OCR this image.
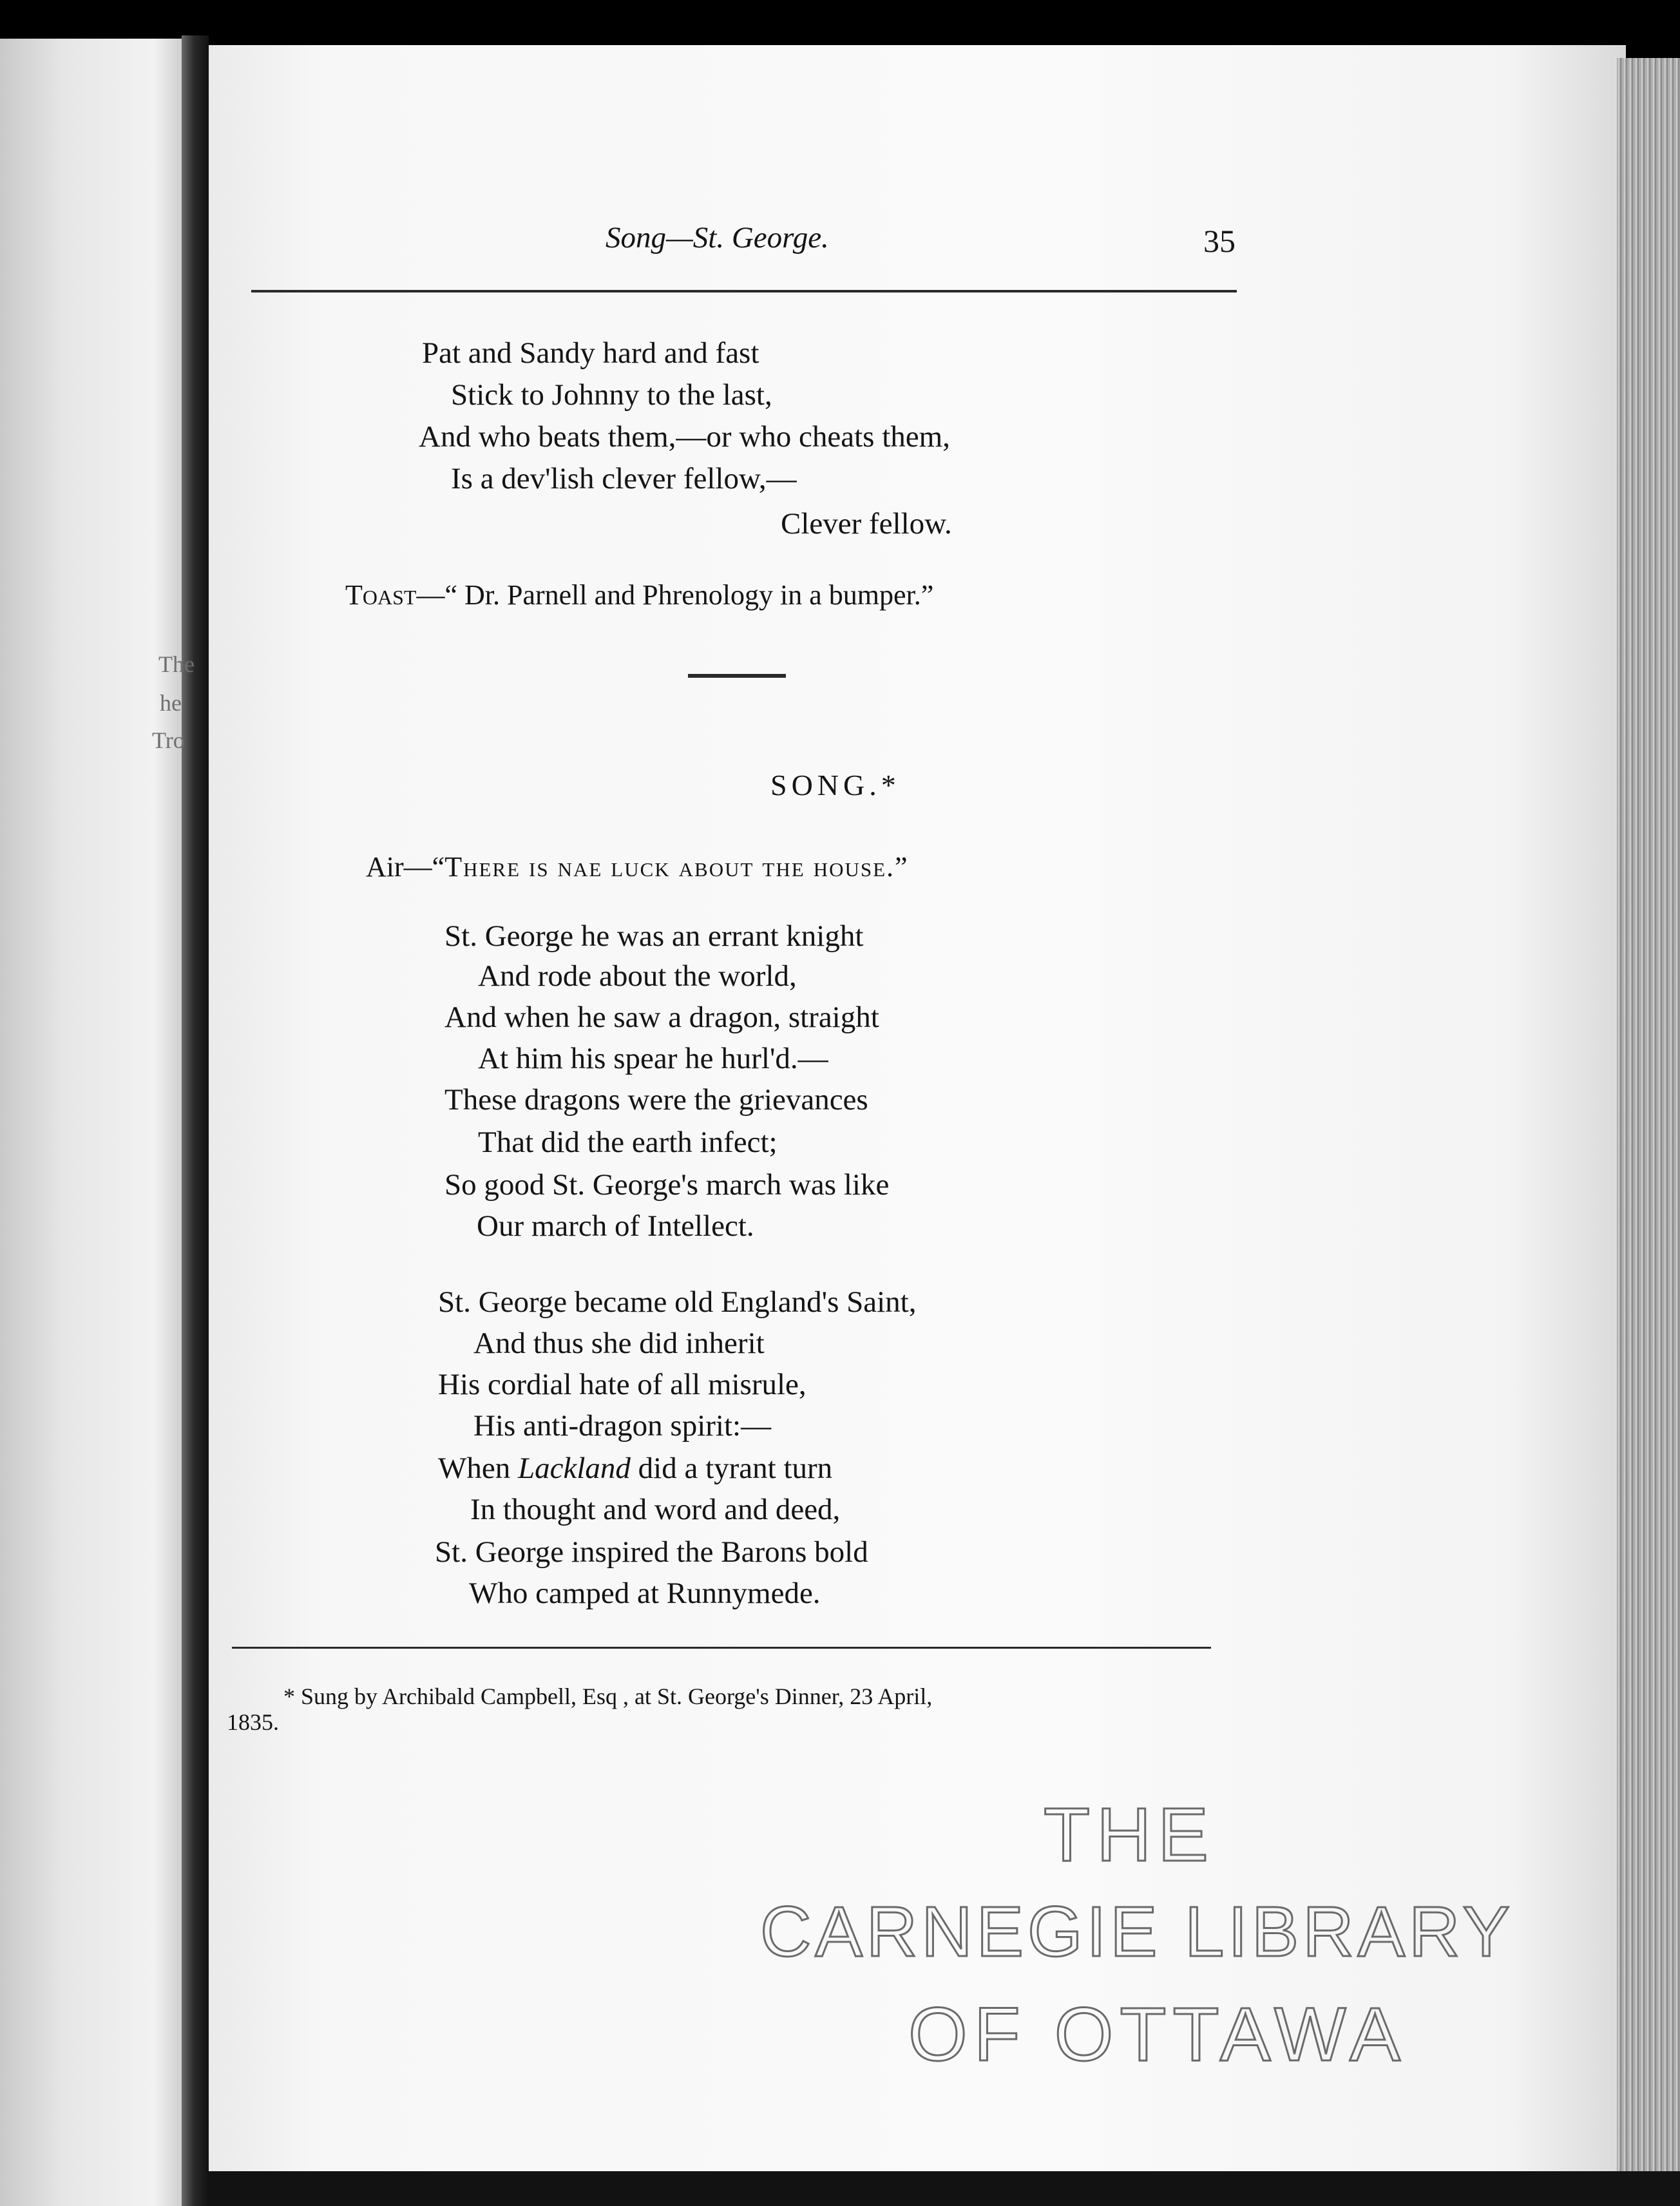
The
he
Tro
Song—St. George.	35
Pat and Sandy hard and fast
Stick to Johnny to the last,
And who beats them,—or who cheats them,
Is a dev'lish clever fellow,—
Clever fellow.
TOAST—“ Dr. Parnell and Phrenology in a bumper.”
SONG.*
Air—“There is nae luck about the house.”
St. George he was an errant knight
And rode about the world,
And when he saw a dragon, straight
At him his spear he hurl'd.—
These dragons were the grievances
That did the earth infect;
So good St. George's march was like
Our march of Intellect.
St. George became old England's Saint,
And thus she did inherit
His cordial hate of all misrule,
His anti-dragon spirit:—
When Lackland did a tyrant turn
In thought and word and deed,
St. George inspired the Barons bold
Who camped at Runnymede.
* Sung by Archibald Campbell, Esq , at St. George's Dinner, 23 April,
1835.
THE
CARNEGIE LIBRARY
OF OTTAWA
